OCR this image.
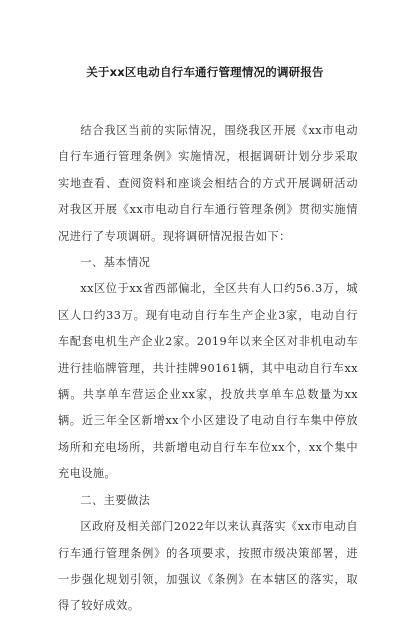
关于xx区电动自行车通行管理情况的调研报告

结合我区当前的实际情况，围绕我区开展《xx市电动自行车通行管理条例》实施情况，根据调研计划分步采取实地查看、查阅资料和座谈会相结合的方式开展调研活动对我区开展《xx市电动自行车通行管理条例》贯彻实施情况进行了专项调研。现将调研情况报告如下：

一、基本情况

xx区位于xx省西部偏北，全区共有人口约56.3万，城区人口约33万。现有电动自行车生产企业3家，电动自行车配套电机生产企业2家。2019年以来全区对非机电动车进行挂临牌管理，共计挂牌90161辆，其中电动自行车xx辆。共享单车营运企业xx家，投放共享单车总数量为xx辆。近三年全区新增xx个小区建设了电动自行车集中停放场所和充电场所，共新增电动自行车车位xx个，xx个集中充电设施。

二、主要做法

区政府及相关部门2022年以来认真落实《xx市电动自行车通行管理条例》的各项要求，按照市级决策部署，进一步强化规划引领，加强议《条例》在本辖区的落实，取得了较好成效。
